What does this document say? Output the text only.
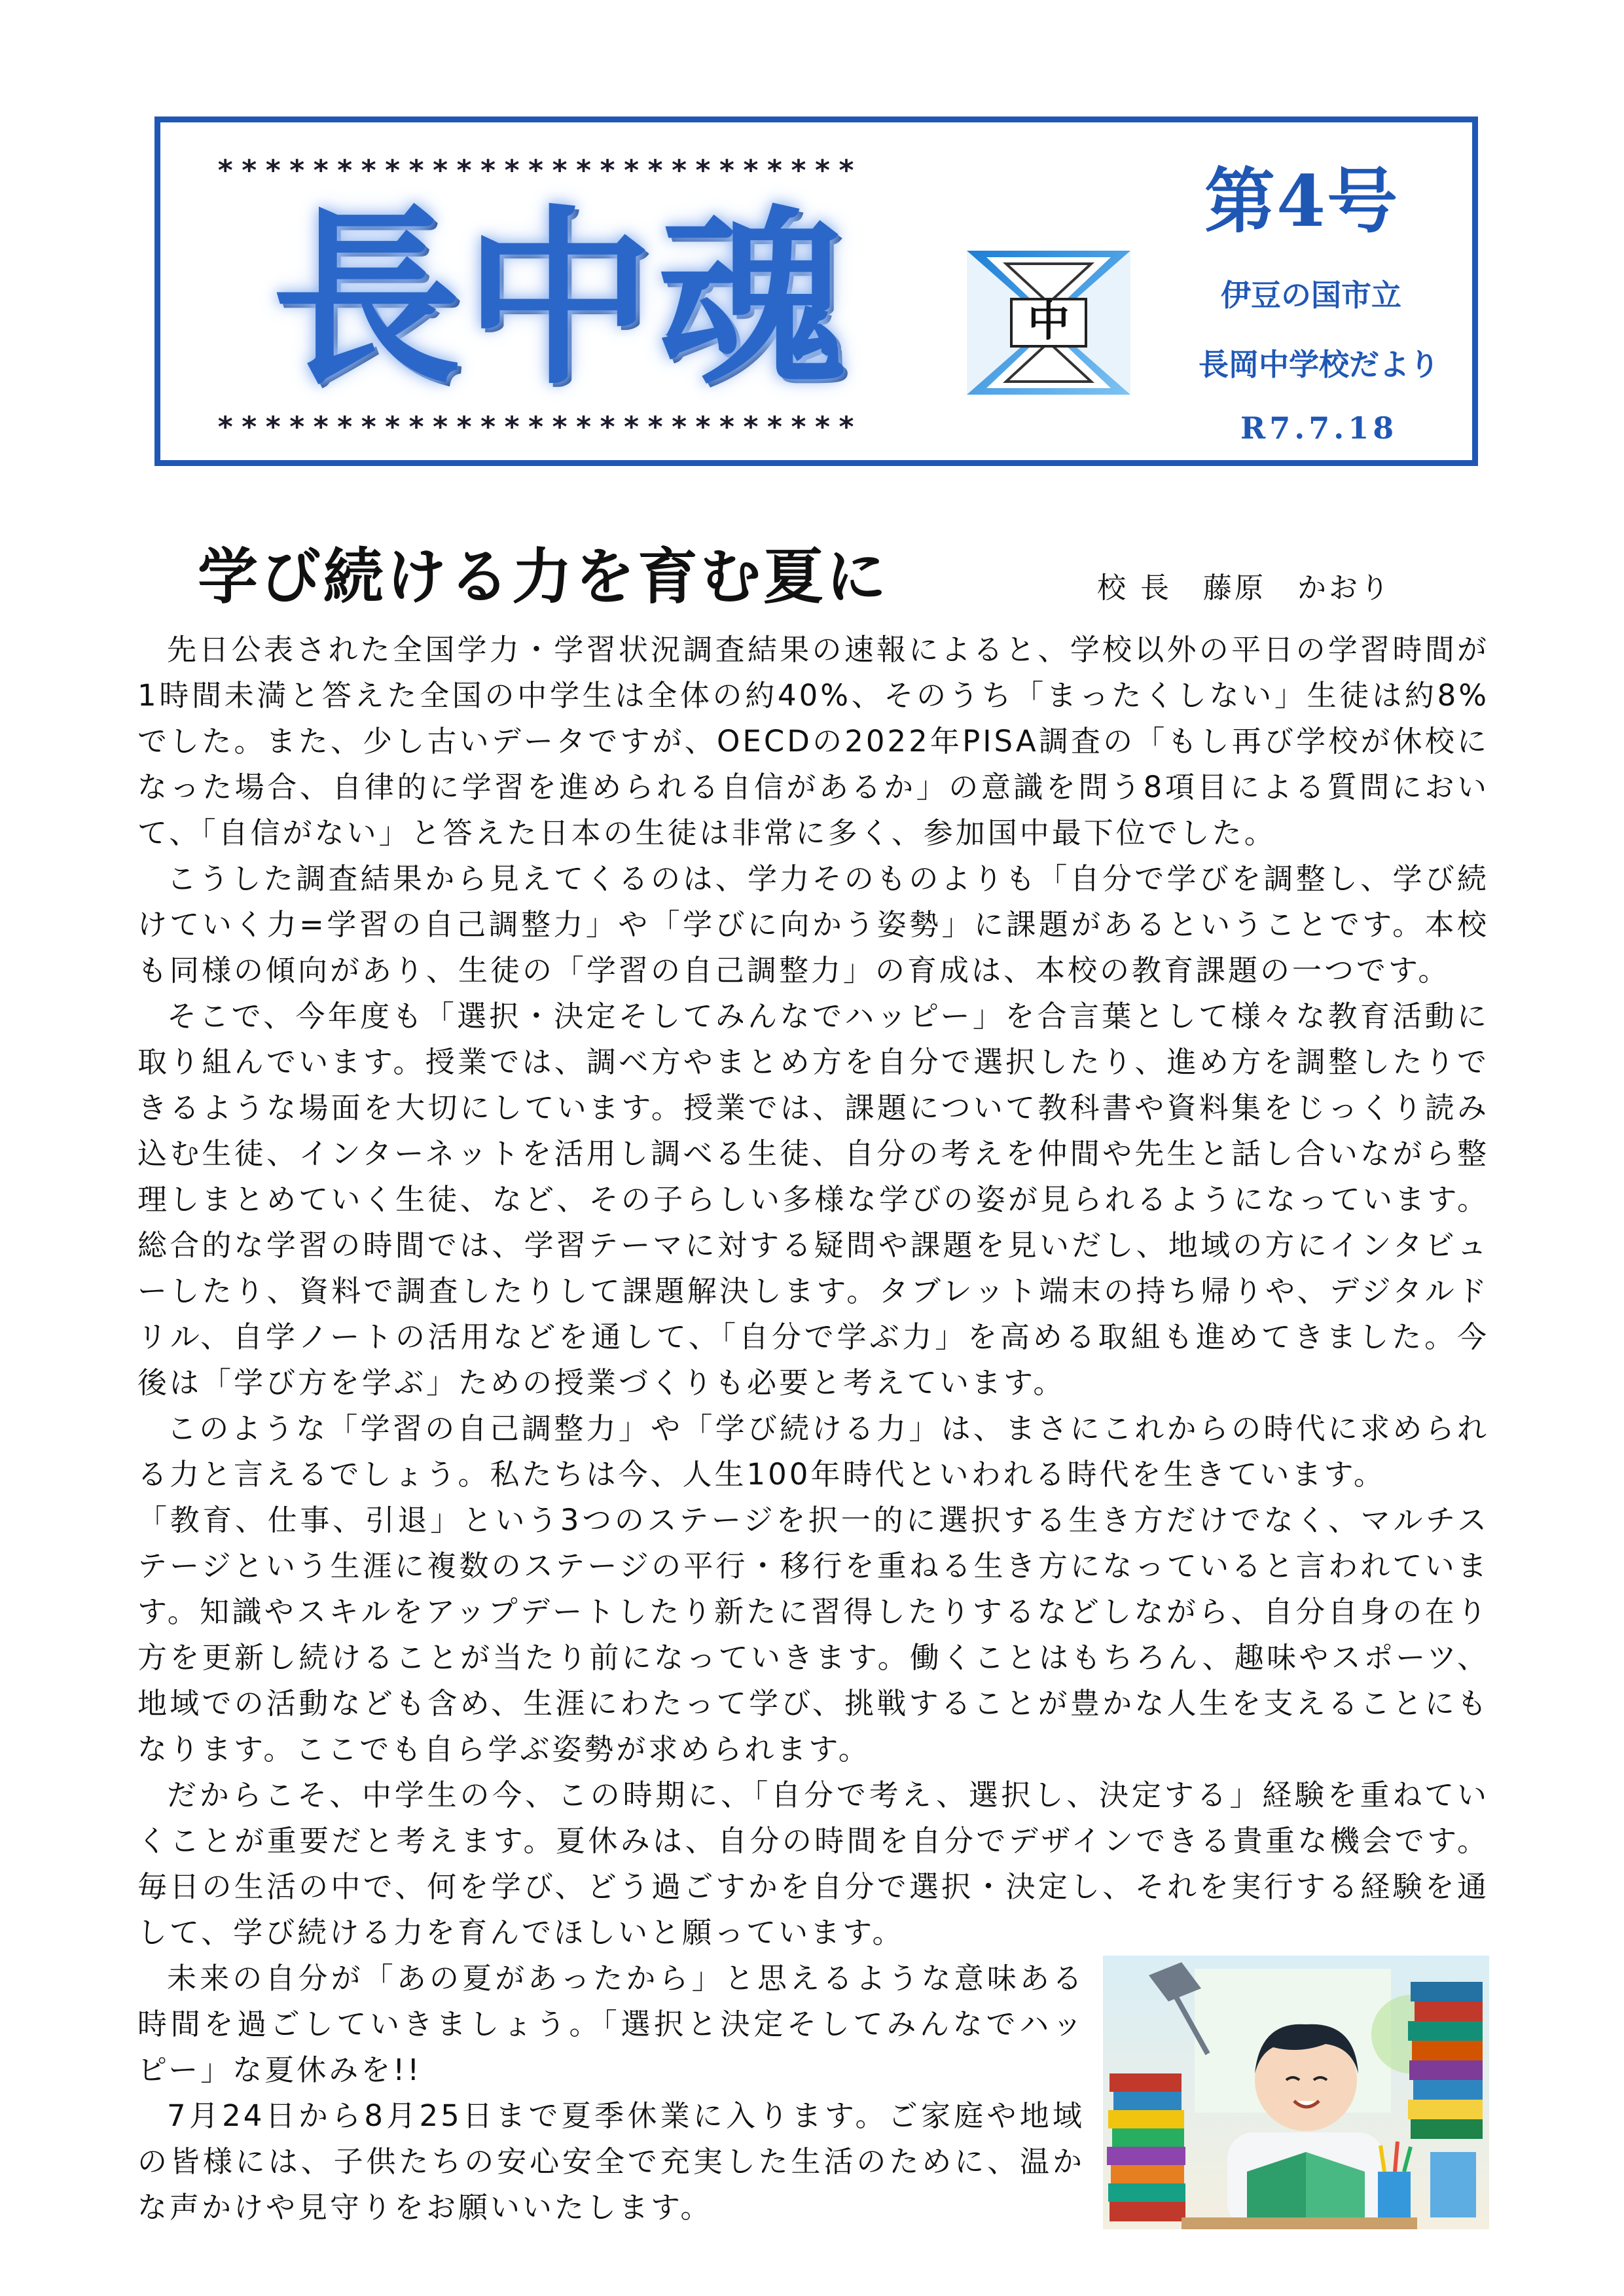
***************************
長中魂	中
第4号
伊豆の国市立
長岡中学校だより
R7.7.18
***************************
学び続ける力を育む夏に	校 長　藤原　かおり

先日公表された全国学力・学習状況調査結果の速報によると、学校以外の平日の学習時間が1時間未満と答えた全国の中学生は全体の約40%、そのうち「まったくしない」生徒は約8%でした。また、少し古いデータですが、OECDの2022年PISA調査の「もし再び学校が休校になった場合、自律的に学習を進められる自信があるか」の意識を問う8項目による質問において、「自信がない」と答えた日本の生徒は非常に多く、参加国中最下位でした。

こうした調査結果から見えてくるのは、学力そのものよりも「自分で学びを調整し、学び続けていく力=学習の自己調整力」や「学びに向かう姿勢」に課題があるということです。本校も同様の傾向があり、生徒の「学習の自己調整力」の育成は、本校の教育課題の一つです。

そこで、今年度も「選択・決定そしてみんなでハッピー」を合言葉として様々な教育活動に取り組んでいます。授業では、調べ方やまとめ方を自分で選択したり、進め方を調整したりできるような場面を大切にしています。授業では、課題について教科書や資料集をじっくり読み込む生徒、インターネットを活用し調べる生徒、自分の考えを仲間や先生と話し合いながら整理しまとめていく生徒、など、その子らしい多様な学びの姿が見られるようになっています。総合的な学習の時間では、学習テーマに対する疑問や課題を見いだし、地域の方にインタビューしたり、資料で調査したりして課題解決します。タブレット端末の持ち帰りや、デジタルドリル、自学ノートの活用などを通して、「自分で学ぶ力」を高める取組も進めてきました。今後は「学び方を学ぶ」ための授業づくりも必要と考えています。

このような「学習の自己調整力」や「学び続ける力」は、まさにこれからの時代に求められる力と言えるでしょう。私たちは今、人生100年時代といわれる時代を生きています。

「教育、仕事、引退」という3つのステージを択一的に選択する生き方だけでなく、マルチステージという生涯に複数のステージの平行・移行を重ねる生き方になっていると言われています。知識やスキルをアップデートしたり新たに習得したりするなどしながら、自分自身の在り方を更新し続けることが当たり前になっていきます。働くことはもちろん、趣味やスポーツ、地域での活動なども含め、生涯にわたって学び、挑戦することが豊かな人生を支えることにもなります。ここでも自ら学ぶ姿勢が求められます。

だからこそ、中学生の今、この時期に、「自分で考え、選択し、決定する」経験を重ねていくことが重要だと考えます。夏休みは、自分の時間を自分でデザインできる貴重な機会です。毎日の生活の中で、何を学び、どう過ごすかを自分で選択・決定し、それを実行する経験を通して、学び続ける力を育んでほしいと願っています。

未来の自分が「あの夏があったから」と思えるような意味ある時間を過ごしていきましょう。「選択と決定そしてみんなでハッピー」な夏休みを!!

7月24日から8月25日まで夏季休業に入ります。ご家庭や地域の皆様には、子供たちの安心安全で充実した生活のために、温かな声かけや見守りをお願いいたします。
